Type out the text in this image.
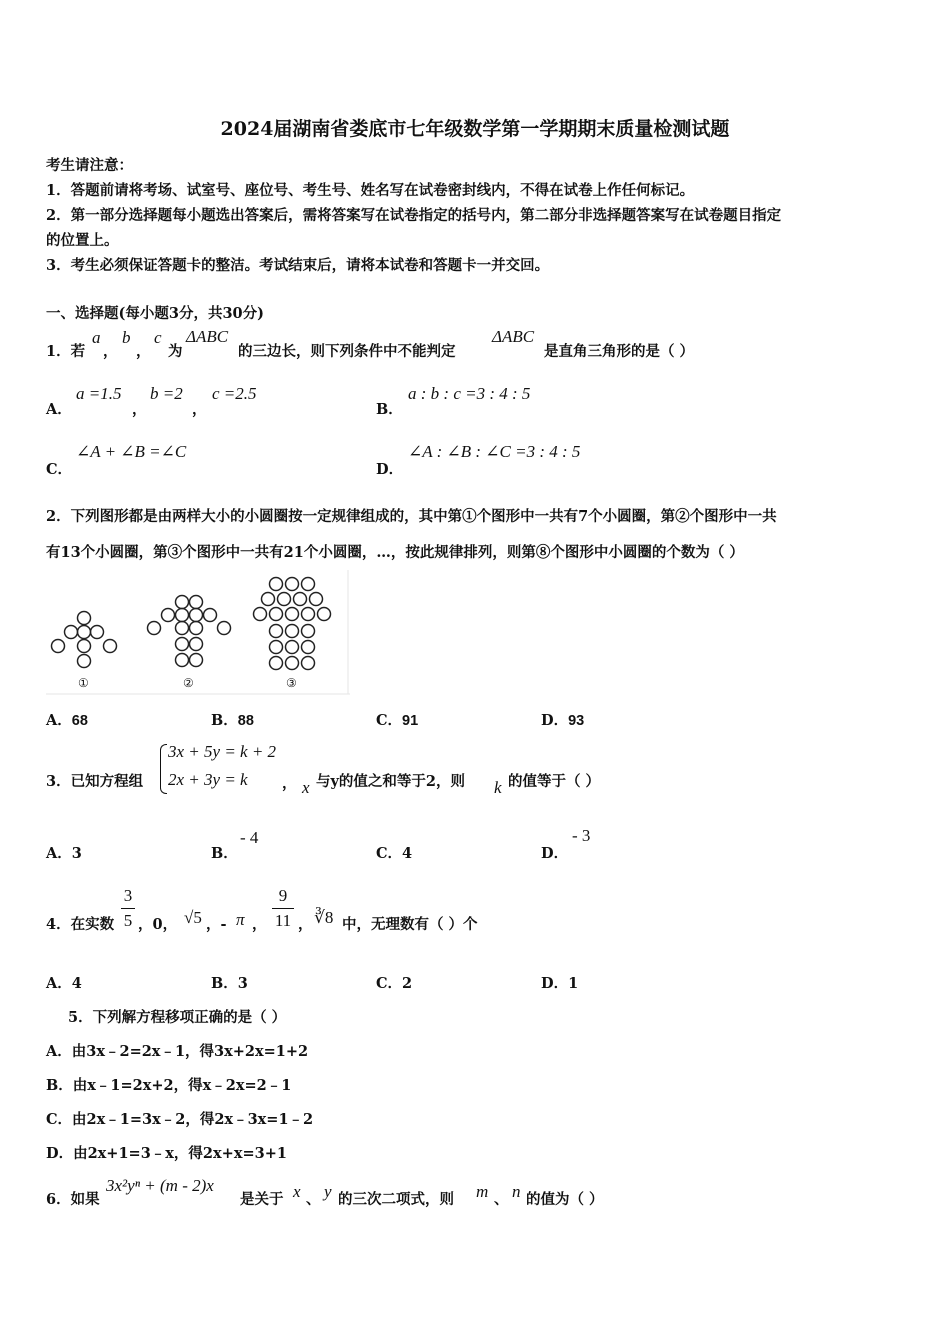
2024届湖南省娄底市七年级数学第一学期期末质量检测试题
考生请注意：
1．答题前请将考场、试室号、座位号、考生号、姓名写在试卷密封线内，不得在试卷上作任何标记。
2．第一部分选择题每小题选出答案后，需将答案写在试卷指定的括号内，第二部分非选择题答案写在试卷题目指定
的位置上。
3．考生必须保证答题卡的整洁。考试结束后，请将本试卷和答题卡一并交回。
一、选择题(每小题3分，共30分)
1．若
a
，
b
，
c
为
ΔABC
的三边长，则下列条件中不能判定
ΔABC
是直角三角形的是（ ）
A．
a =1.5
，
b =2
，
c =2.5
B．
a : b : c =3 : 4 : 5
C．
∠A + ∠B =∠C
D．
∠A : ∠B : ∠C =3 : 4 : 5
2．下列图形都是由两样大小的小圆圈按一定规律组成的，其中第①个图形中一共有7个小圆圈，第②个图形中一共
有13个小圆圈，第③个图形中一共有21个小圆圈，…，按此规律排列，则第⑧个图形中小圆圈的个数为（ ）
①	②	③
A．68	B．88	C．91	D．93
3．已知方程组
3x + 5y = k + 2
2x + 3y = k ， x 与y的值之和等于2，则 k 的值等于（ ）
A．3	B．
- 4
C．4	D．
- 3
4．在实数
3
5 ，0， √5 ，- π ，
9
11 ， ∛8 中，无理数有（ ）个
A．4	B．3	C．2	D．1
5．下列解方程移项正确的是（ ）
A．由3x﹣2=2x﹣1，得3x+2x=1+2
B．由x﹣1=2x+2，得x﹣2x=2﹣1
C．由2x﹣1=3x﹣2，得2x﹣3x=1﹣2
D．由2x+1=3﹣x，得2x+x=3+1
6．如果
3x²yⁿ + (m - 2)x
是关于 x 、 y 的三次二项式，则 m 、 n 的值为（ ）
